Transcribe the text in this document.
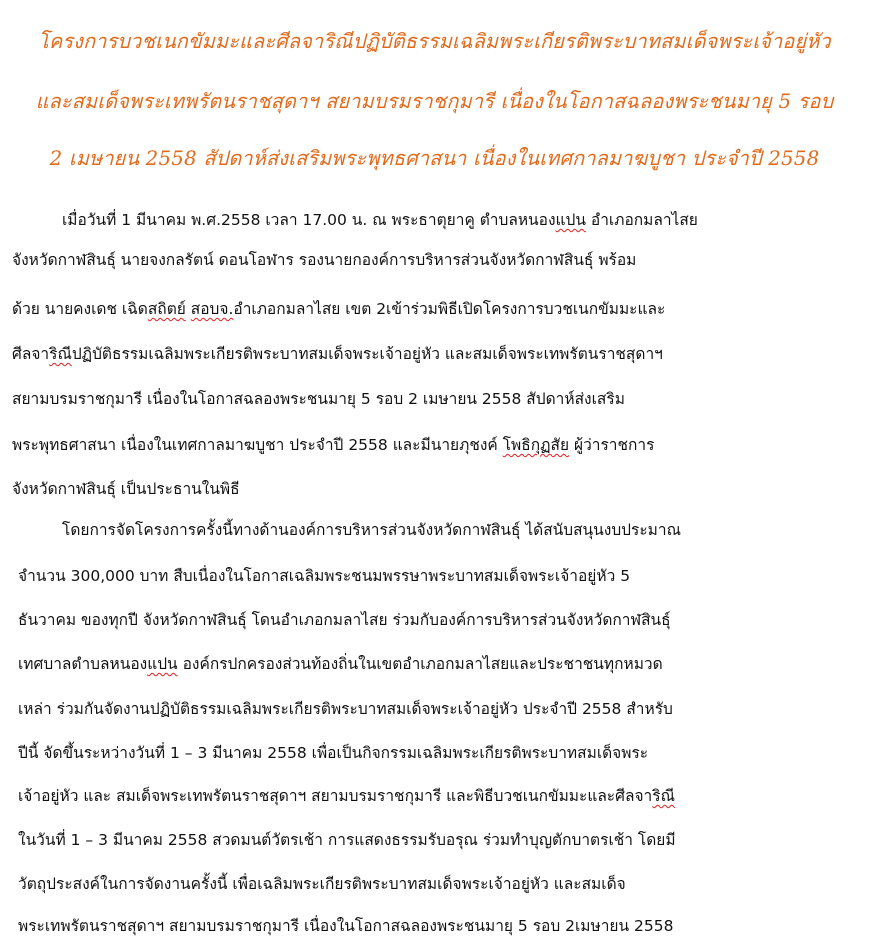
โครงการบวชเนกขัมมะและศีลจาริณีปฏิบัติธรรมเฉลิมพระเกียรติพระบาทสมเด็จพระเจ้าอยู่หัว
และสมเด็จพระเทพรัตนราชสุดาฯ สยามบรมราชกุมารี เนื่องในโอกาสฉลองพระชนมายุ 5 รอบ
2 เมษายน 2558 สัปดาห์ส่งเสริมพระพุทธศาสนา เนื่องในเทศกาลมาฆบูชา ประจำปี 2558
เมื่อวันที่ 1 มีนาคม พ.ศ.2558 เวลา 17.00 น. ณ พระธาตุยาคู ตำบลหนองแปน อำเภอกมลาไสย
จังหวัดกาฬสินธุ์ นายจงกลรัตน์ ดอนโอฬาร รองนายกองค์การบริหารส่วนจังหวัดกาฬสินธุ์ พร้อม
ด้วย นายคงเดช เฉิดสถิตย์ สอบจ.อำเภอกมลาไสย เขต 2เข้าร่วมพิธีเปิดโครงการบวชเนกขัมมะและ
ศีลจาริณีปฏิบัติธรรมเฉลิมพระเกียรติพระบาทสมเด็จพระเจ้าอยู่หัว และสมเด็จพระเทพรัตนราชสุดาฯ
สยามบรมราชกุมารี เนื่องในโอกาสฉลองพระชนมายุ 5 รอบ 2 เมษายน 2558 สัปดาห์ส่งเสริม
พระพุทธศาสนา เนื่องในเทศกาลมาฆบูชา ประจำปี 2558 และมีนายภุชงค์ โพธิกุฏสัย ผู้ว่าราชการ
จังหวัดกาฬสินธุ์ เป็นประธานในพิธี
โดยการจัดโครงการครั้งนี้ทางด้านองค์การบริหารส่วนจังหวัดกาฬสินธุ์ ได้สนับสนุนงบประมาณ
จำนวน 300,000 บาท สืบเนื่องในโอกาสเฉลิมพระชนมพรรษาพระบาทสมเด็จพระเจ้าอยู่หัว 5
ธันวาคม ของทุกปี จังหวัดกาฬสินธุ์ โดนอำเภอกมลาไสย ร่วมกับองค์การบริหารส่วนจังหวัดกาฬสินธุ์
เทศบาลตำบลหนองแปน องค์กรปกครองส่วนท้องถิ่นในเขตอำเภอกมลาไสยและประชาชนทุกหมวด
เหล่า ร่วมกันจัดงานปฏิบัติธรรมเฉลิมพระเกียรติพระบาทสมเด็จพระเจ้าอยู่หัว ประจำปี 2558 สำหรับ
ปีนี้ จัดขึ้นระหว่างวันที่ 1 – 3 มีนาคม 2558 เพื่อเป็นกิจกรรมเฉลิมพระเกียรติพระบาทสมเด็จพระ
เจ้าอยู่หัว และ สมเด็จพระเทพรัตนราชสุดาฯ สยามบรมราชกุมารี และพิธีบวชเนกขัมมะและศีลจาริณี
ในวันที่ 1 – 3 มีนาคม 2558 สวดมนต์วัตรเช้า การแสดงธรรมรับอรุณ ร่วมทำบุญตักบาตรเช้า โดยมี
วัตถุประสงค์ในการจัดงานครั้งนี้ เพื่อเฉลิมพระเกียรติพระบาทสมเด็จพระเจ้าอยู่หัว และสมเด็จ
พระเทพรัตนราชสุดาฯ สยามบรมราชกุมารี เนื่องในโอกาสฉลองพระชนมายุ 5 รอบ 2เมษายน 2558
